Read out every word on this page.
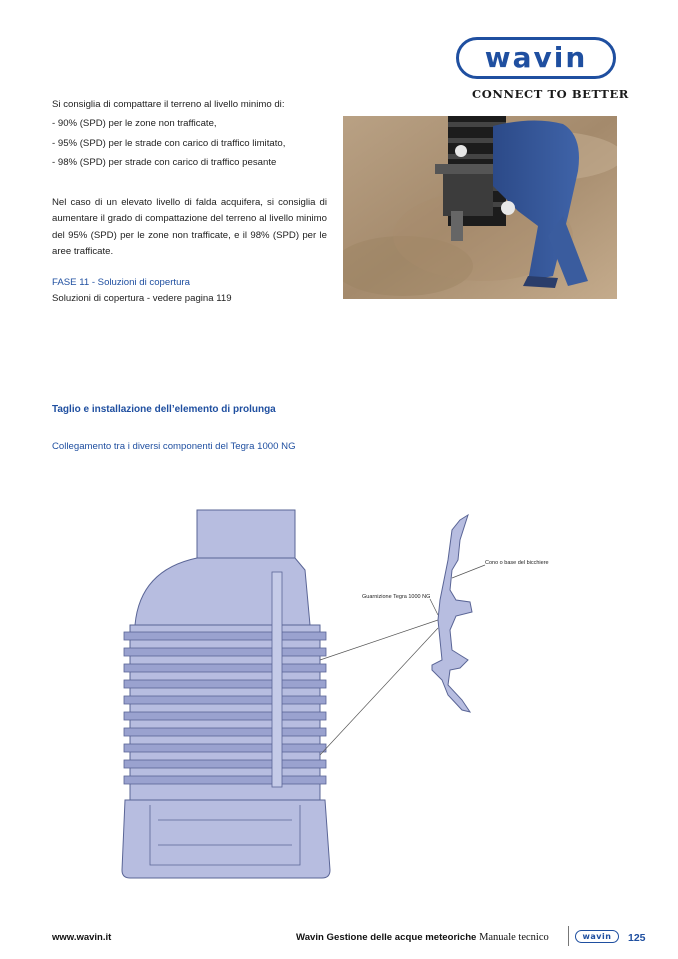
wavin
CONNECT TO BETTER
Si consiglia di compattare il terreno al livello minimo di:
- 90% (SPD) per le zone non trafficate,
- 95% (SPD) per le strade con carico di traffico limitato,
- 98% (SPD) per strade con carico di traffico pesante

Nel caso di un elevato livello di falda acquifera, si consiglia di aumentare il grado di compattazione del terreno al livello minimo del 95% (SPD) per le zone non trafficate, e il 98% (SPD) per le aree trafficate.

FASE 11 - Soluzioni di copertura
Soluzioni di copertura - vedere pagina 119
Taglio e installazione dell’elemento di prolunga
Collegamento tra i diversi componenti del Tegra 1000 NG
Cono o base del bicchiere
Guarnizione Tegra 1000 NG
www.wavin.it	Wavin Gestione delle acque meteoriche Manuale tecnico	wavin 125
